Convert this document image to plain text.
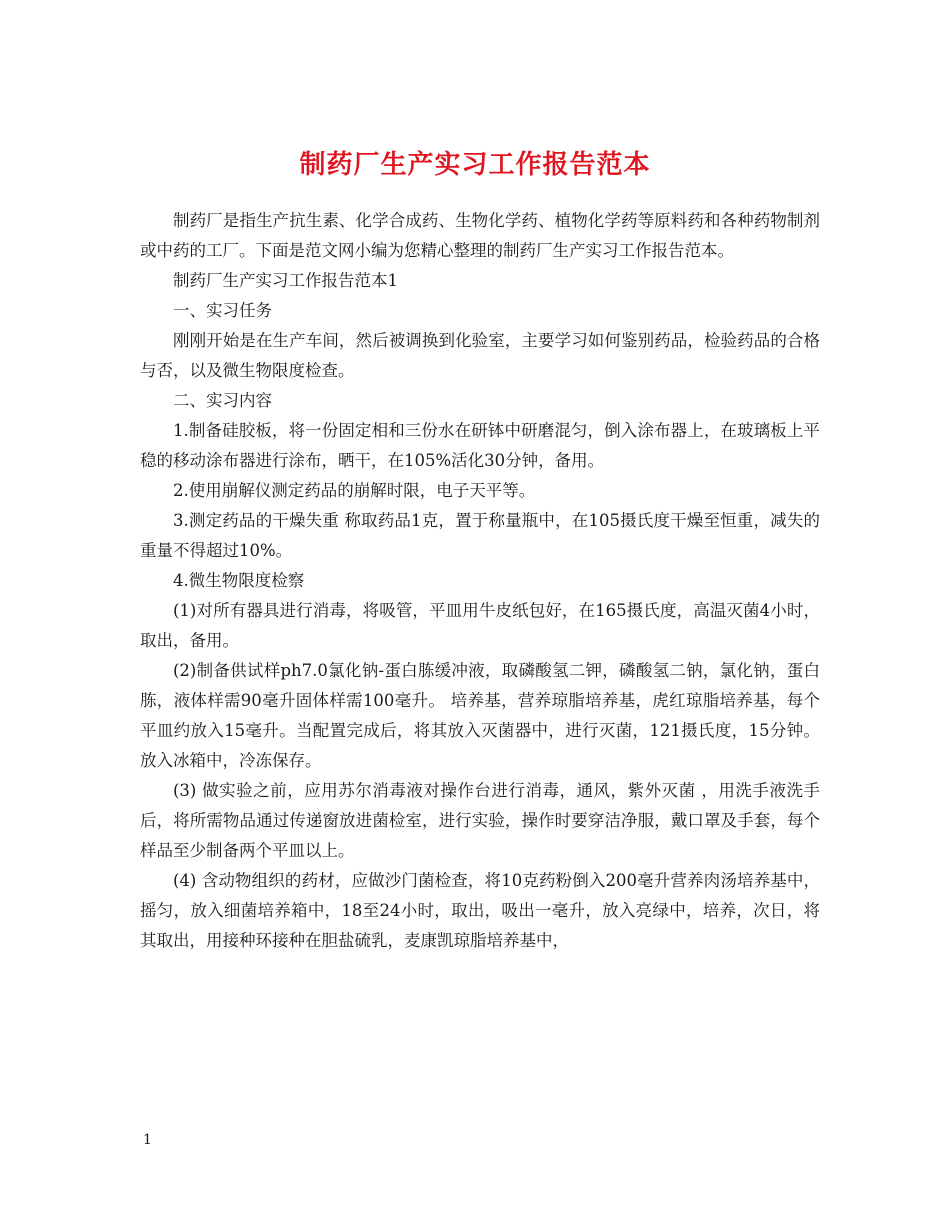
制药厂生产实习工作报告范本

制药厂是指生产抗生素、化学合成药、生物化学药、植物化学药等原料药和各种药物制剂或中药的工厂。下面是范文网小编为您精心整理的制药厂生产实习工作报告范本。

制药厂生产实习工作报告范本1

一、实习任务

刚刚开始是在生产车间，然后被调换到化验室，主要学习如何鉴别药品，检验药品的合格与否，以及微生物限度检查。

二、实习内容

1.制备硅胶板，将一份固定相和三份水在研钵中研磨混匀，倒入涂布器上，在玻璃板上平稳的移动涂布器进行涂布，晒干，在105%活化30分钟，备用。

2.使用崩解仪测定药品的崩解时限，电子天平等。

3.测定药品的干燥失重 称取药品1克，置于称量瓶中，在105摄氏度干燥至恒重，减失的重量不得超过10%。

4.微生物限度检察

(1)对所有器具进行消毒，将吸管，平皿用牛皮纸包好，在165摄氏度，高温灭菌4小时，取出，备用。

(2)制备供试样ph7.0氯化钠-蛋白胨缓冲液，取磷酸氢二钾，磷酸氢二钠，氯化钠，蛋白胨，液体样需90毫升固体样需100毫升。 培养基，营养琼脂培养基，虎红琼脂培养基，每个平皿约放入15毫升。当配置完成后，将其放入灭菌器中，进行灭菌，121摄氏度，15分钟。放入冰箱中，冷冻保存。

(3) 做实验之前，应用苏尔消毒液对操作台进行消毒，通风，紫外灭菌 ，用洗手液洗手后，将所需物品通过传递窗放进菌检室，进行实验，操作时要穿洁净服，戴口罩及手套，每个样品至少制备两个平皿以上。

(4) 含动物组织的药材，应做沙门菌检查，将10克药粉倒入200毫升营养肉汤培养基中，摇匀，放入细菌培养箱中，18至24小时，取出，吸出一毫升，放入亮绿中，培养，次日，将其取出，用接种环接种在胆盐硫乳，麦康凯琼脂培养基中，

1
